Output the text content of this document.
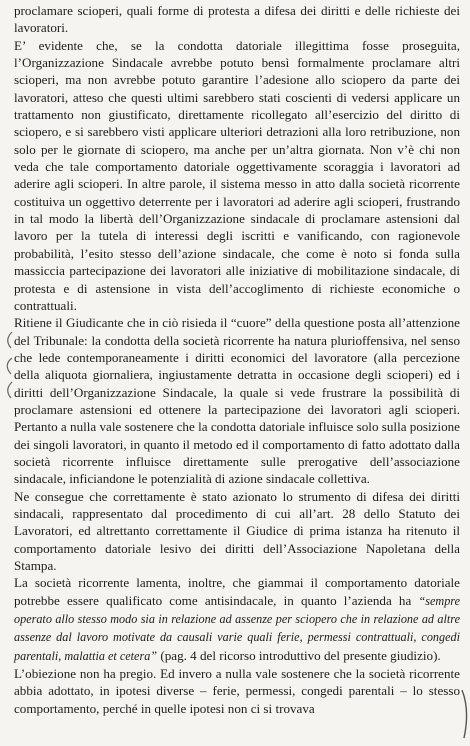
proclamare scioperi, quali forme di protesta a difesa dei diritti e delle richieste dei lavoratori.

E’ evidente che, se la condotta datoriale illegittima fosse proseguita, l’Organizzazione Sindacale avrebbe potuto bensì formalmente proclamare altri scioperi, ma non avrebbe potuto garantire l’adesione allo sciopero da parte dei lavoratori, atteso che questi ultimi sarebbero stati coscienti di vedersi applicare un trattamento non giustificato, direttamente ricollegato all’esercizio del diritto di sciopero, e si sarebbero visti applicare ulteriori detrazioni alla loro retribuzione, non solo per le giornate di sciopero, ma anche per un’altra giornata. Non v’è chi non veda che tale comportamento datoriale oggettivamente scoraggia i lavoratori ad aderire agli scioperi. In altre parole, il sistema messo in atto dalla società ricorrente costituiva un oggettivo deterrente per i lavoratori ad aderire agli scioperi, frustrando in tal modo la libertà dell’Organizzazione sindacale di proclamare astensioni dal lavoro per la tutela di interessi degli iscritti e vanificando, con ragionevole probabilità, l’esito stesso dell’azione sindacale, che come è noto si fonda sulla massiccia partecipazione dei lavoratori alle iniziative di mobilitazione sindacale, di protesta e di astensione in vista dell’accoglimento di richieste economiche o contrattuali.

Ritiene il Giudicante che in ciò risieda il “cuore” della questione posta all’attenzione del Tribunale: la condotta della società ricorrente ha natura plurioffensiva, nel senso che lede contemporaneamente i diritti economici del lavoratore (alla percezione della aliquota giornaliera, ingiustamente detratta in occasione degli scioperi) ed i diritti dell’Organizzazione Sindacale, la quale si vede frustrare la possibilità di proclamare astensioni ed ottenere la partecipazione dei lavoratori agli scioperi. Pertanto a nulla vale sostenere che la condotta datoriale influisce solo sulla posizione dei singoli lavoratori, in quanto il metodo ed il comportamento di fatto adottato dalla società ricorrente influisce direttamente sulle prerogative dell’associazione sindacale, inficiandone le potenzialità di azione sindacale collettiva.

Ne consegue che correttamente è stato azionato lo strumento di difesa dei diritti sindacali, rappresentato dal procedimento di cui all’art. 28 dello Statuto dei Lavoratori, ed altrettanto correttamente il Giudice di prima istanza ha ritenuto il comportamento datoriale lesivo dei diritti dell’Associazione Napoletana della Stampa.

La società ricorrente lamenta, inoltre, che giammai il comportamento datoriale potrebbe essere qualificato come antisindacale, in quanto l’azienda ha “sempre operato allo stesso modo sia in relazione ad assenze per sciopero che in relazione ad altre assenze dal lavoro motivate da causali varie quali ferie, permessi contrattuali, congedi parentali, malattia et cetera” (pag. 4 del ricorso introduttivo del presente giudizio).

L’obiezione non ha pregio. Ed invero a nulla vale sostenere che la società ricorrente abbia adottato, in ipotesi diverse – ferie, permessi, congedi parentali – lo stesso comportamento, perché in quelle ipotesi non ci si trovava
